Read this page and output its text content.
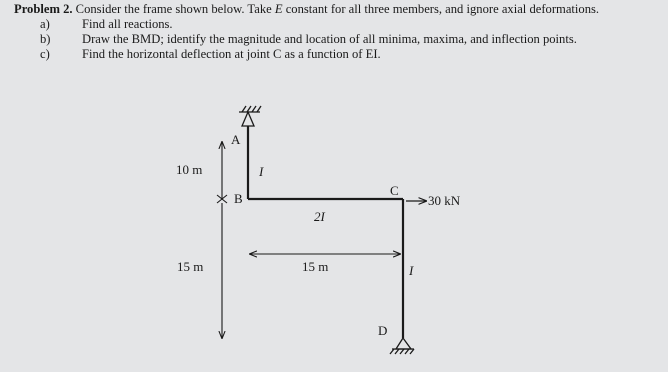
Problem 2. Consider the frame shown below. Take E constant for all three members, and ignore axial deformations.
a)	Find all reactions.
b)	Draw the BMD; identify the magnitude and location of all minima, maxima, and inflection points.
c)	Find the horizontal deflection at joint C as a function of EI.
A
B
C
D
10 m
15 m	15 m
I
2I
I
30 kN
